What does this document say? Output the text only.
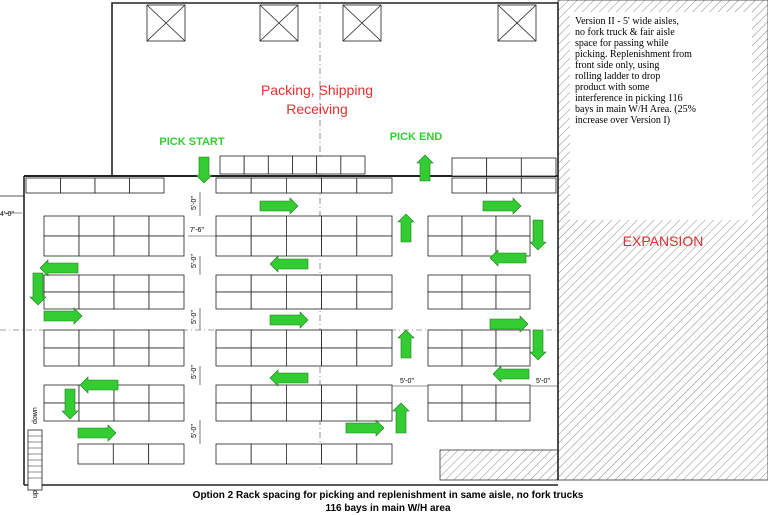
Version II - 5' wide aisles, no fork truck & fair aisle space for passing while picking. Replenishment from front side only, using rolling ladder to drop product with some interference in picking 116 bays in main W/H Area. (25% increase over Version I)
Packing, Shipping
Receiving
EXPANSION
PICK START	PICK END
4'-0"
5'-0"
7'-6"
5'-0"
5'-0"
5'-0"
5'-0"
5'-0"	5'-0"
down
up	Option 2 Rack spacing for picking and replenishment in same aisle, no fork trucks
116 bays in main W/H area
